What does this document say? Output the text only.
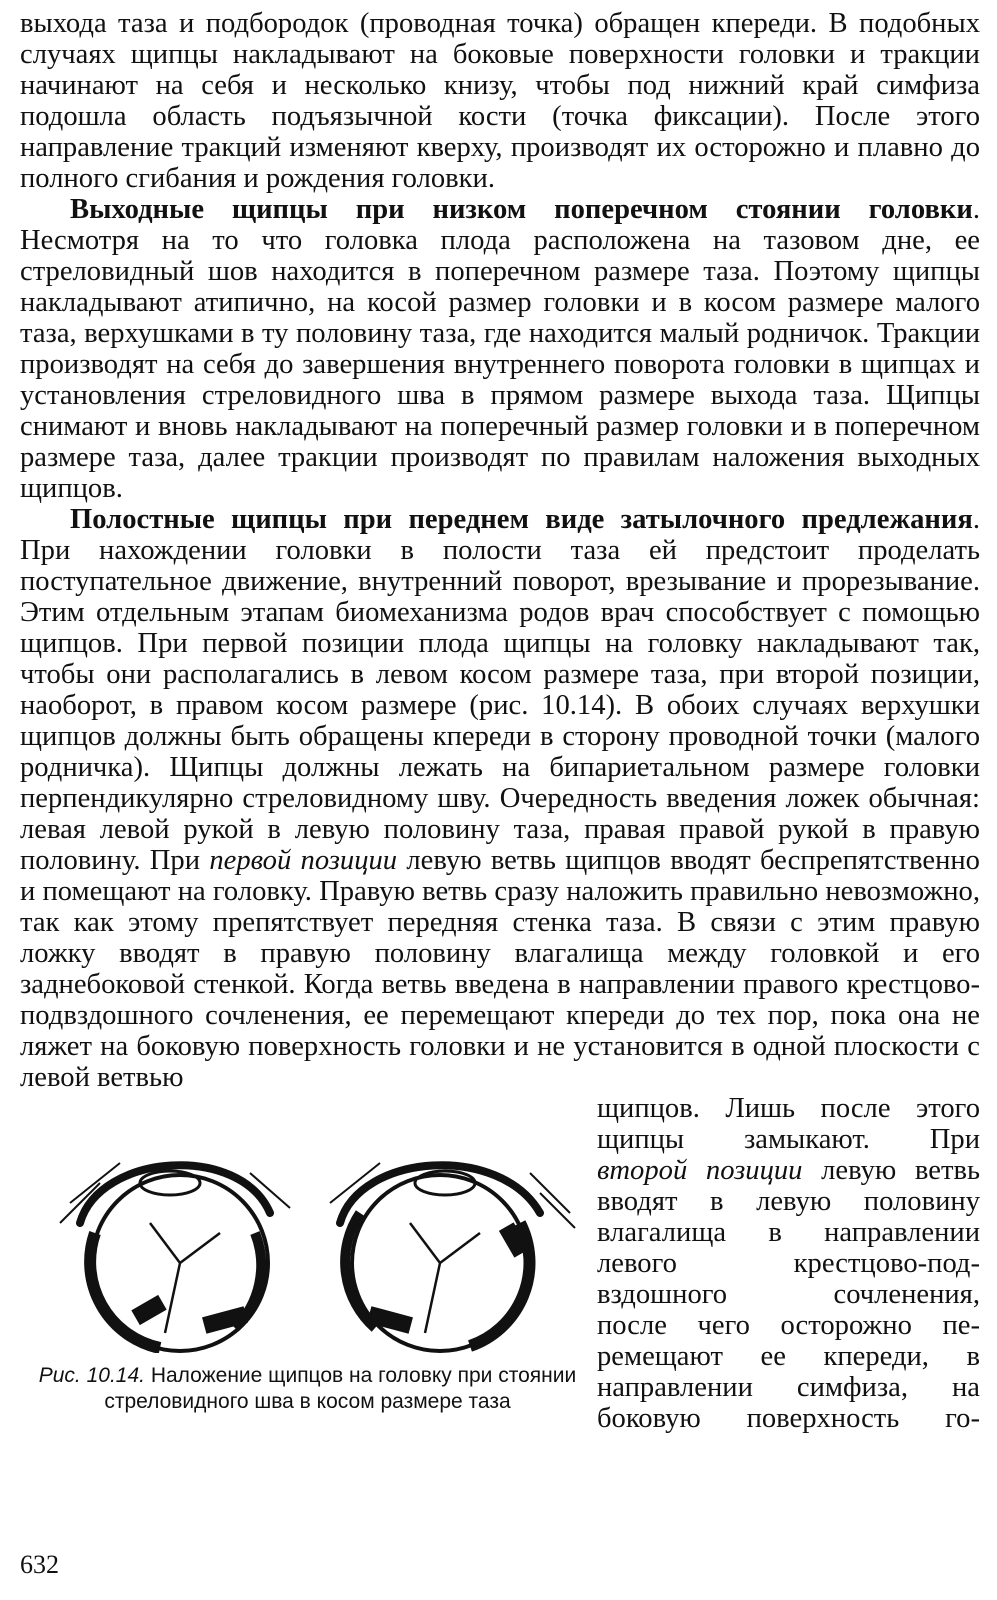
выхода таза и подбородок (проводная точка) обращен кпереди. В подобных случаях щипцы накладывают на боковые поверхности головки и тракции начинают на себя и несколько книзу, чтобы под нижний край симфиза подошла область подъязычной кости (точка фиксации). После этого направление тракций изменяют кверху, производят их осторожно и плавно до полного сгибания и рождения головки.

Выходные щипцы при низком поперечном стоянии головки. Несмотря на то что головка плода расположена на тазовом дне, ее стреловидный шов находится в поперечном размере таза. Поэтому щипцы накладывают атипично, на косой размер головки и в косом размере малого таза, верхушками в ту половину таза, где находится малый родничок. Тракции производят на себя до завершения внутреннего поворота головки в щипцах и установления стреловидного шва в прямом размере выхода таза. Щипцы снимают и вновь накладывают на поперечный размер головки и в поперечном размере таза, далее тракции производят по правилам наложения выходных щипцов.

Полостные щипцы при переднем виде затылочного предлежания. При нахождении головки в полости таза ей предстоит проделать поступательное движение, внутренний поворот, врезывание и прорезывание. Этим отдельным этапам биомеханизма родов врач способствует с помощью щипцов. При первой позиции плода щипцы на головку накладывают так, чтобы они располагались в левом косом размере таза, при второй позиции, наоборот, в правом косом размере (рис. 10.14). В обоих случаях верхушки щипцов должны быть обращены кпереди в сторону проводной точки (малого родничка). Щипцы должны лежать на бипариетальном размере головки перпендикулярно стреловидному шву. Очередность введения ложек обычная: левая левой рукой в левую половину таза, правая правой рукой в правую половину. При первой позиции левую ветвь щипцов вводят беспрепятственно и помещают на головку. Правую ветвь сразу наложить правильно невозможно, так как этому препятствует передняя стенка таза. В связи с этим правую ложку вводят в правую половину влагалища между головкой и его заднебоковой стенкой. Когда ветвь введена в направлении правого крестцово-подвздошного сочленения, ее перемещают кпереди до тех пор, пока она не ляжет на боковую поверхность головки и не установится в одной плоскости с левой ветвью

Рис. 10.14. Наложение щипцов на головку при стоянии стреловидного шва в косом размере таза
щипцов. Лишь после этого
щипцы замыкают. При
второй позиции левую ветвь
вводят в левую половину
влагалища в направлении
левого крестцово-под-
вздошного сочленения,
после чего осторожно пе-
ремещают ее кпереди, в
направлении симфиза, на
боковую поверхность го-
632
